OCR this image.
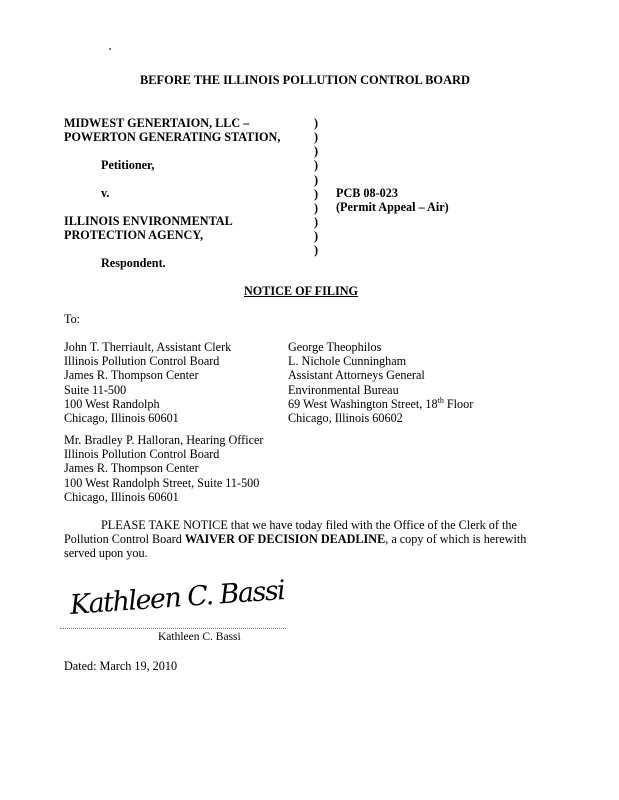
BEFORE THE ILLINOIS POLLUTION CONTROL BOARD
MIDWEST GENERTAION, LLC –
POWERTON GENERATING STATION,
Petitioner,
v.
ILLINOIS ENVIRONMENTAL
PROTECTION AGENCY,
Respondent.
)
)
)
)
)
)
)
)
)
)
PCB 08-023
(Permit Appeal – Air)
NOTICE OF FILING
To:
John T. Therriault, Assistant Clerk
Illinois Pollution Control Board
James R. Thompson Center
Suite 11-500
100 West Randolph
Chicago, Illinois 60601
George Theophilos
L. Nichole Cunningham
Assistant Attorneys General
Environmental Bureau
69 West Washington Street, 18th Floor
Chicago, Illinois 60602
Mr. Bradley P. Halloran, Hearing Officer
Illinois Pollution Control Board
James R. Thompson Center
100 West Randolph Street, Suite 11-500
Chicago, Illinois 60601
PLEASE TAKE NOTICE that we have today filed with the Office of the Clerk of the
Pollution Control Board WAIVER OF DECISION DEADLINE, a copy of which is herewith
served upon you.
Kathleen C. Bassi
Kathleen C. Bassi
Dated: March 19, 2010
